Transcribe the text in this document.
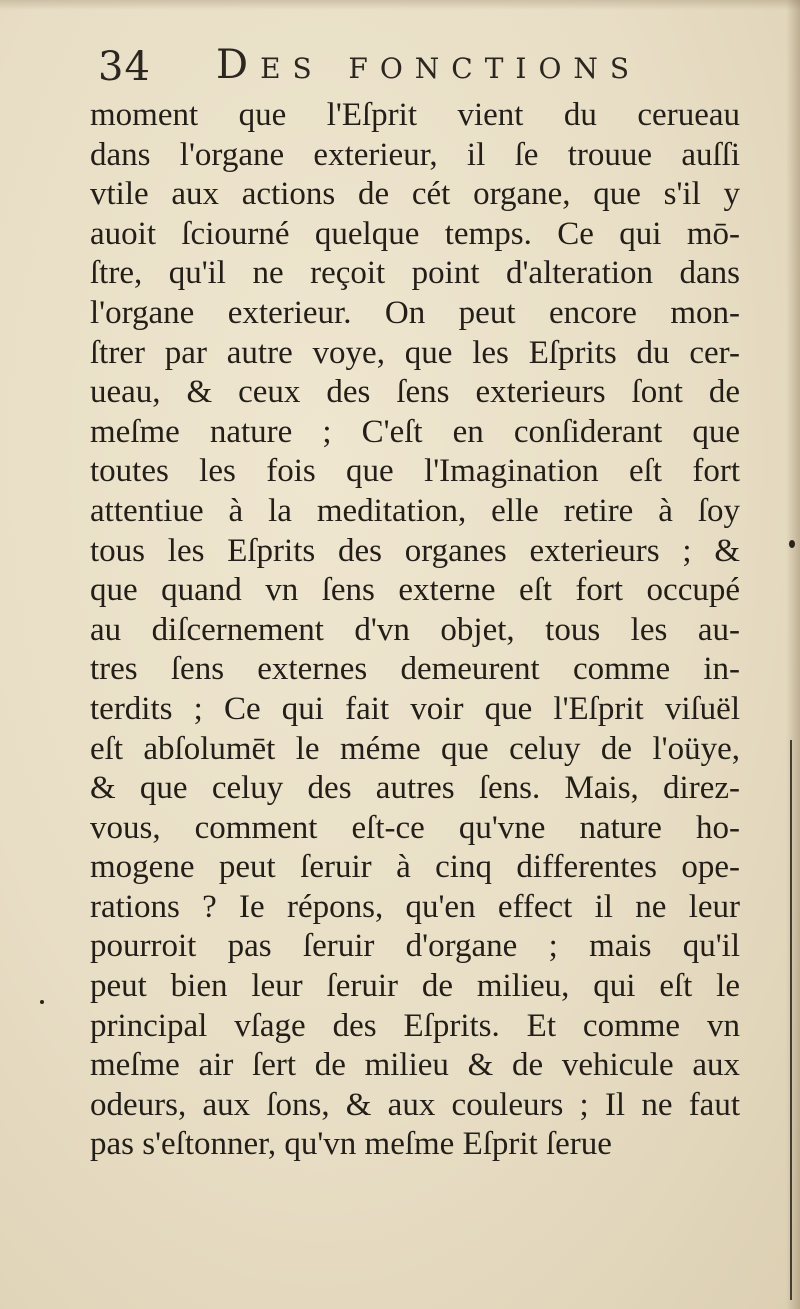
34 Des fonctions
moment que l'Eſprit vient du cerueau
dans l'organe exterieur, il ſe trouue auſſi
vtile aux actions de cét organe, que s'il y
auoit ſciourné quelque temps. Ce qui mō-
ſtre, qu'il ne reçoit point d'alteration dans
l'organe exterieur. On peut encore mon-
ſtrer par autre voye, que les Eſprits du cer-
ueau, & ceux des ſens exterieurs ſont de
meſme nature ; C'eſt en conſiderant que
toutes les fois que l'Imagination eſt fort
attentiue à la meditation, elle retire à ſoy
tous les Eſprits des organes exterieurs ; &
que quand vn ſens externe eſt fort occupé
au diſcernement d'vn objet, tous les au-
tres ſens externes demeurent comme in-
terdits ; Ce qui fait voir que l'Eſprit viſuël
eſt abſolumēt le méme que celuy de l'oüye,
& que celuy des autres ſens. Mais, direz-
vous, comment eſt-ce qu'vne nature ho-
mogene peut ſeruir à cinq differentes ope-
rations ? Ie répons, qu'en effect il ne leur
pourroit pas ſeruir d'organe ; mais qu'il
peut bien leur ſeruir de milieu, qui eſt le
principal vſage des Eſprits. Et comme vn
meſme air ſert de milieu & de vehicule aux
odeurs, aux ſons, & aux couleurs ; Il ne faut
pas s'eſtonner, qu'vn meſme Eſprit ſerue
